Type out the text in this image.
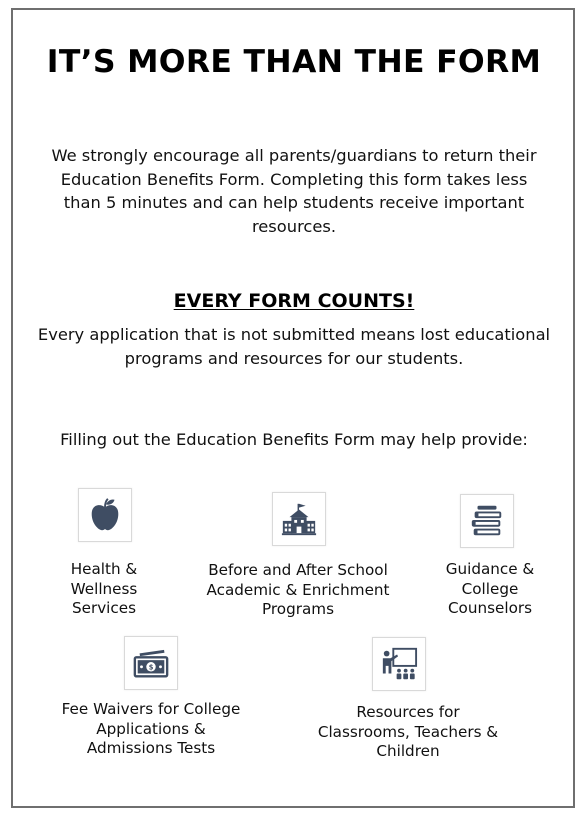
IT’S MORE THAN THE FORM
We strongly encourage all parents/guardians to return their Education Benefits Form. Completing this form takes less than 5 minutes and can help students receive important resources.
EVERY FORM COUNTS!
Every application that is not submitted means lost educational programs and resources for our students.
Filling out the Education Benefits Form may help provide:
Health & Wellness Services
Before and After School Academic & Enrichment Programs
Guidance & College Counselors
$
Fee Waivers for College Applications & Admissions Tests
Resources for Classrooms, Teachers & Children
